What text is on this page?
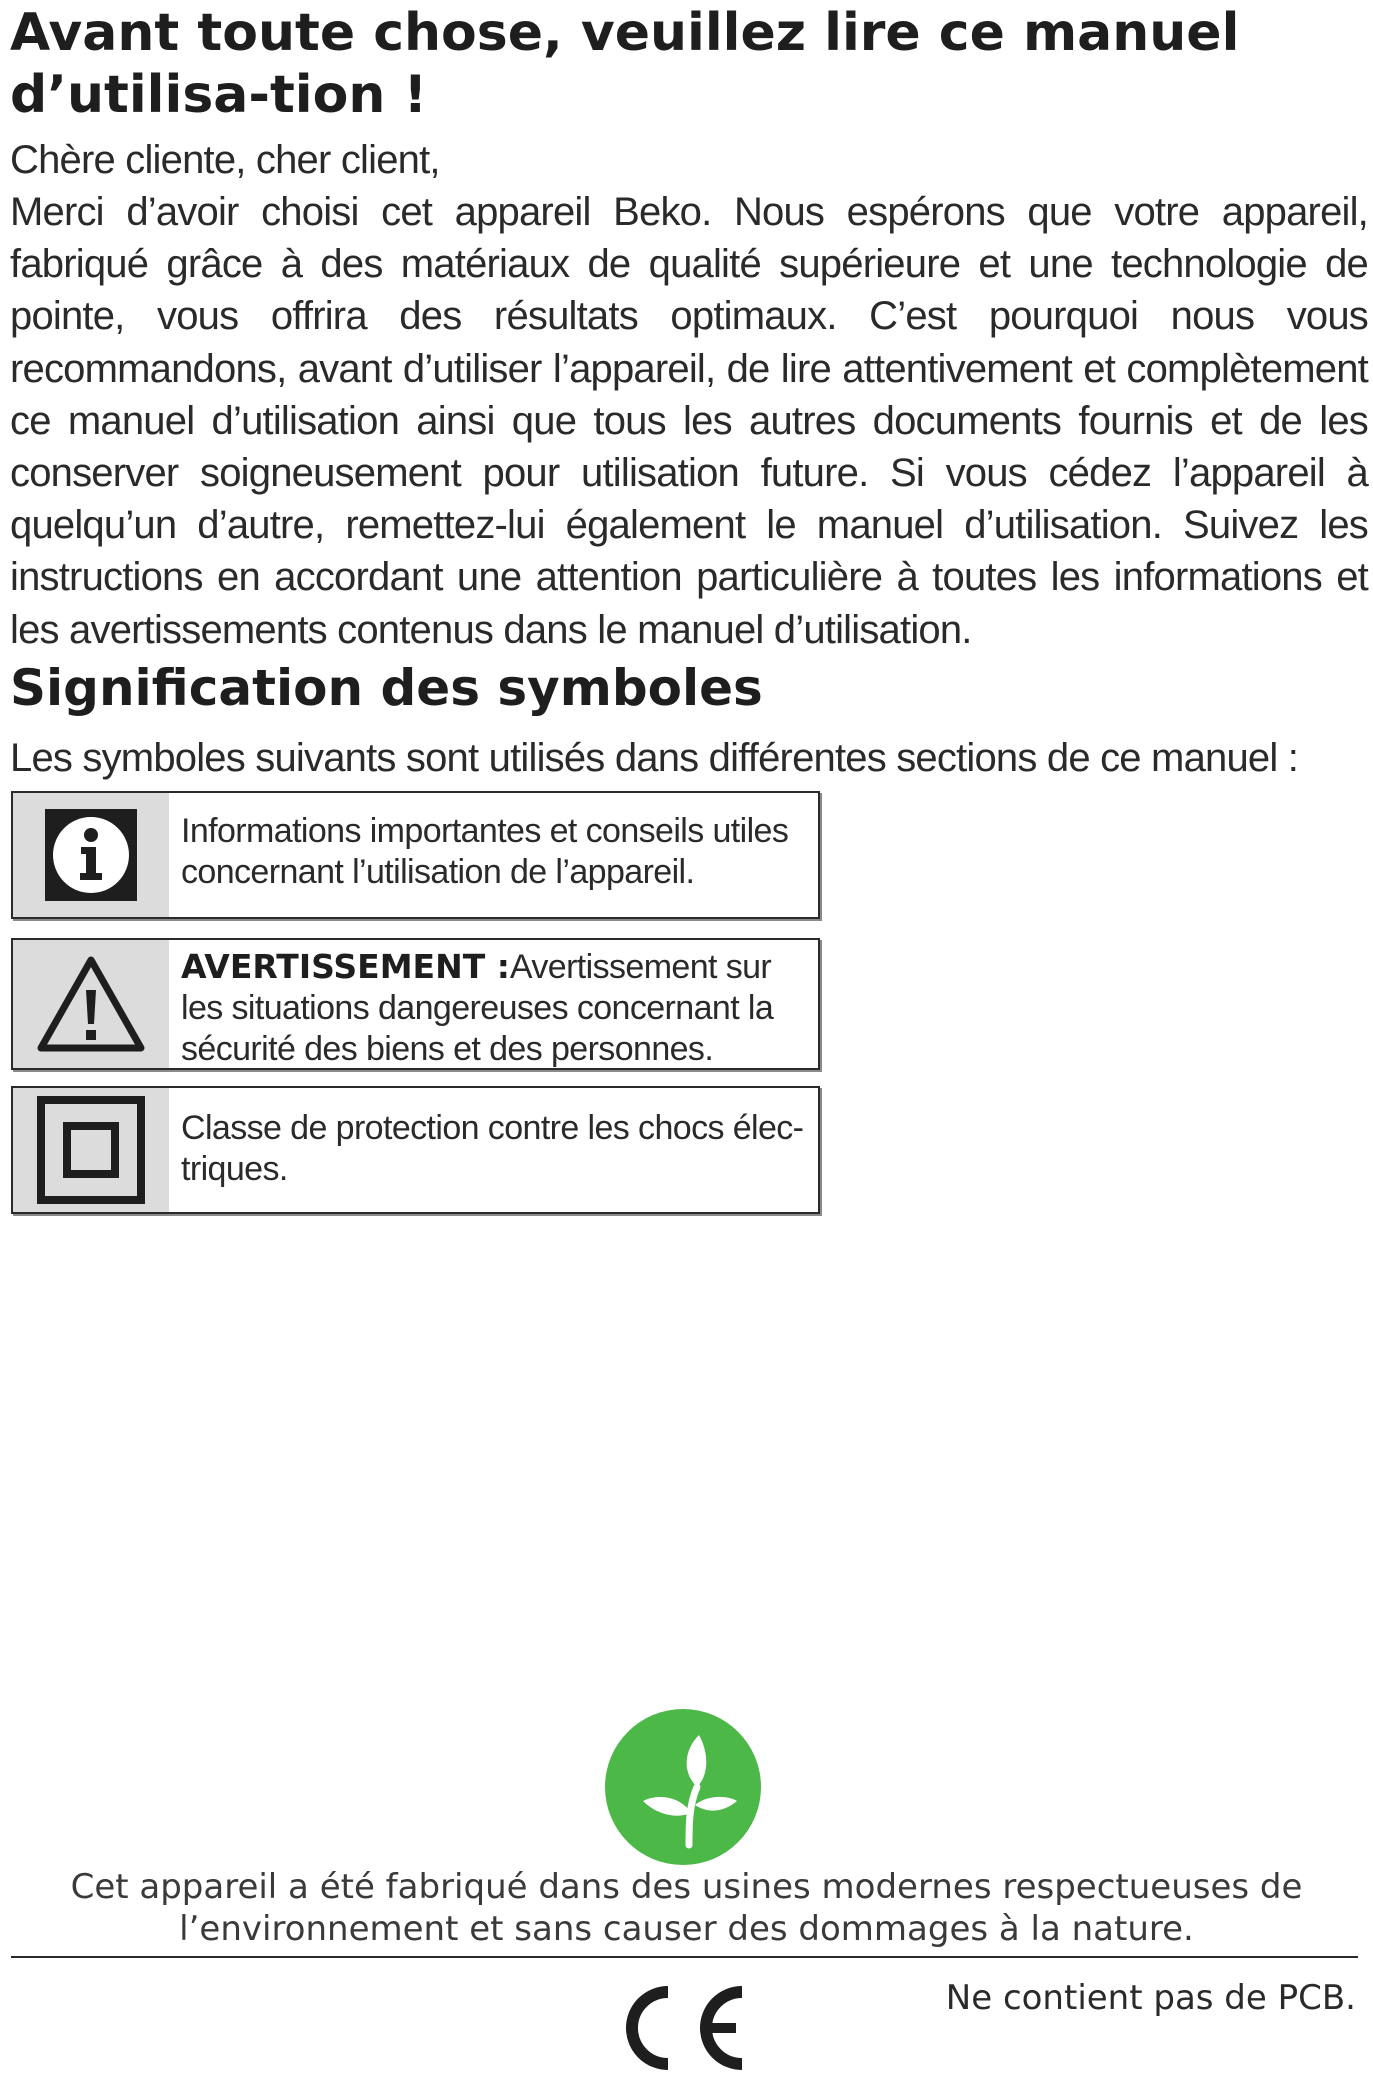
Avant toute chose, veuillez lire ce manuel d’utilisa-tion !

Chère cliente, cher client,

Merci d’avoir choisi cet appareil Beko. Nous espérons que votre appareil, fabriqué grâce à des matériaux de qualité supérieure et une technologie de pointe, vous offrira des résultats optimaux. C’est pourquoi nous vous recommandons, avant d’utiliser l’appareil, de lire attentivement et complètement ce manuel d’utilisation ainsi que tous les autres documents fournis et de les conserver soigneusement pour utilisation future. Si vous cédez l’appareil à quelqu’un d’autre, remettez-lui également le manuel d’utilisation. Suivez les instructions en accordant une attention particulière à toutes les informations et les avertissements contenus dans le manuel d’utilisation.

Signification des symboles

Les symboles suivants sont utilisés dans différentes sections de ce manuel :

Informations importantes et conseils utiles concernant l’utilisation de l’appareil.
AVERTISSEMENT :Avertissement sur les situations dangereuses concernant la sécurité des biens et des personnes.
Classe de protection contre les chocs élec-triques.

Cet appareil a été fabriqué dans des usines modernes respectueuses de l’environnement et sans causer des dommages à la nature.

Ne contient pas de PCB.
